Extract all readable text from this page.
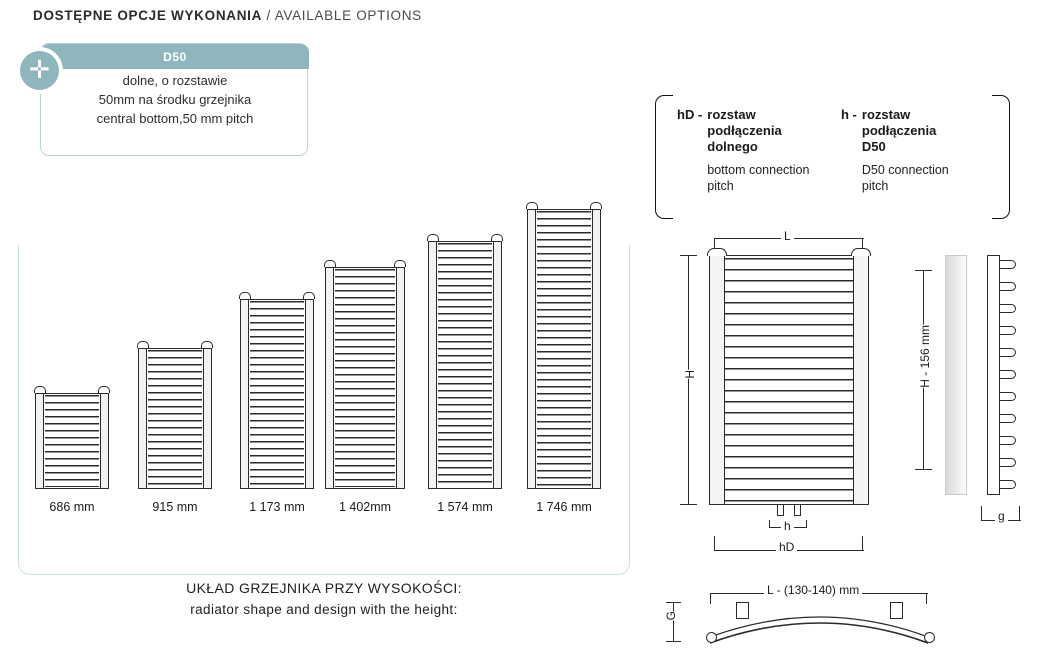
DOSTĘPNE OPCJE WYKONANIA / AVAILABLE OPTIONS
D50
dolne, o rozstawie
50mm na środku grzejnika
central bottom,50 mm pitch
✛
hD - rozstaw
podłączenia
dolnego
bottom connection
pitch
h - rozstaw
podłączenia
D50
D50 connection
pitch
686 mm	915 mm	1 173 mm	1 402mm	1 574 mm	1 746 mm
UKŁAD GRZEJNIKA PRZY WYSOKOŚCI:
radiator shape and design with the height:
L
H
h
hD
H - 156 mm
g
L - (130-140) mm
G
